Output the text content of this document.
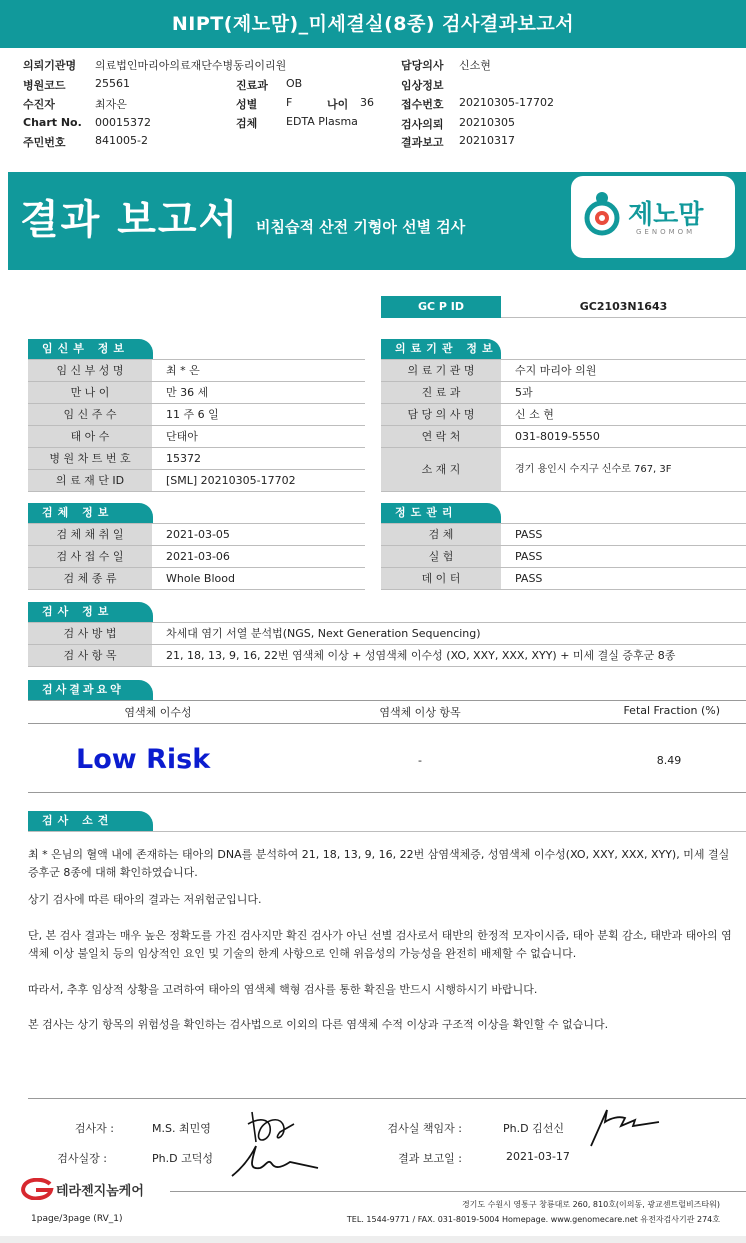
NIPT(제노맘)_미세결실(8종) 검사결과보고서
의뢰기관명 의료법인마리아의료재단수병동리이리원
병원코드	25561
수진자	최자은
Chart No. 00015372
주민번호	841005-2
진료과 OB
성별	F	나이 36
검체	EDTA Plasma
담당의사 신소현
임상정보
접수번호 20210305-17702
검사의뢰 20210305
결과보고 20210317
결과 보고서 비침습적 산전 기형아 선별 검사	제노맘
GENOMOM
GC P ID	GC2103N1643
임신부 정보
임 신 부 성 명	최 * 은
만 나 이	만 36 세
임 신 주 수	11 주 6 일
태 아 수	단태아
병 원 차 트 번 호	15372
의 료 재 단 ID	[SML] 20210305-17702
의료기관 정보
의 료 기 관 명	수지 마리아 의원
진 료 과	5과
담 당 의 사 명	신 소 현
연 락 처	031-8019-5550
소 재 지	경기 용인시 수지구 신수로 767, 3F
검체 정보
검 체 채 취 일	2021-03-05
검 사 접 수 일	2021-03-06
검 체 종 류	Whole Blood
정도관리
검 체	PASS
실 험	PASS
데 이 터	PASS
검사 정보
검 사 방 법	차세대 염기 서열 분석법(NGS, Next Generation Sequencing)
검 사 항 목	21, 18, 13, 9, 16, 22번 염색체 이상 + 성염색체 이수성 (XO, XXY, XXX, XYY) + 미세 결실 증후군 8종
검사결과요약
염색체 이수성	염색체 이상 항목	Fetal Fraction (%)
Low Risk	-	8.49
검사 소견
최 * 은님의 혈액 내에 존재하는 태아의 DNA를 분석하여 21, 18, 13, 9, 16, 22번 삼염색체증, 성염색체 이수성(XO, XXY, XXX, XYY), 미세 결실 증후군 8종에 대해 확인하였습니다.
상기 검사에 따른 태아의 결과는 저위험군입니다.
단, 본 검사 결과는 매우 높은 정확도를 가진 검사지만 확진 검사가 아닌 선별 검사로서 태반의 한정적 모자이시즘, 태아 분획 감소, 태반과 태아의 염색체 이상 불일치 등의 임상적인 요인 및 기술의 한계 사항으로 인해 위음성의 가능성을 완전히 배제할 수 없습니다.
따라서, 추후 임상적 상황을 고려하여 태아의 염색체 핵형 검사를 통한 확진을 반드시 시행하시기 바랍니다.
본 검사는 상기 항목의 위험성을 확인하는 검사법으로 이외의 다른 염색체 수적 이상과 구조적 이상을 확인할 수 없습니다.
검사자 :	M.S. 최민영	검사실 책임자 :	Ph.D 김선신
검사실장 :	Ph.D 고덕성	결과 보고일 :	2021-03-17
테라젠지놈케어
경기도 수원시 영통구 창룡대로 260, 810호(이의동, 광교센트럴비즈타워)
TEL. 1544-9771 / FAX. 031-8019-5004 Homepage. www.genomecare.net 유전자검사기관 274호
1page/3page (RV_1)
